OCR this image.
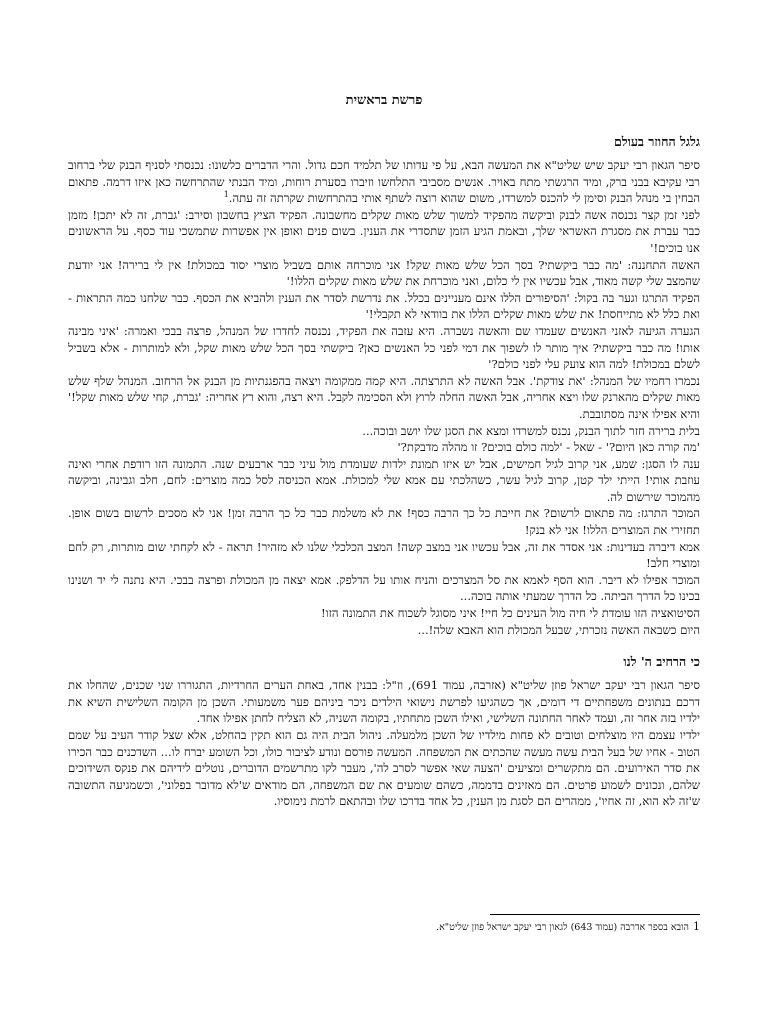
פרשת בראשית
גלגל החוזר בעולם

סיפר הגאון רבי יעקב שיש שליט"א את המעשה הבא, על פי עדותו של תלמיד חכם גדול. והרי הדברים כלשונו: נכנסתי לסניף הבנק שלי ברחוב רבי עקיבא בבני ברק, ומיד הרגשתי מתח באויר. אנשים מסביבי התלחשו וזיברו בסערת רוחות, ומיד הבנתי שהתרחשה כאן איזו דרמה. פתאום הבחין בי מנהל הבנק וסימן לי להכנס למשרדו, משום שהוא רוצה לשתף אותי בהתרחשות שקרתה זה עתה.$^1$

לפני זמן קצר נכנסה אשה לבנק וביקשה מהפקיד למשוך שלש מאות שקלים מחשבונה. הפקיד הציץ בחשבון וסירב: 'גברת, זה לא יתכן! מזמן כבר עברת את מסגרת האשראי שלך, ובאמת הגיע הזמן שתסדרי את הענין. בשום פנים ואופן אין אפשרות שתמשכי עוד כסף. על הראשונים אנו בוכים!'

האשה התחננה: 'מה כבר ביקשתי? בסך הכל שלש מאות שקל! אני מוכרחה אותם בשביל מוצרי יסוד במכולת! אין לי ברירה! אני יודעת שהמצב שלי קשה מאוד, אבל עכשיו אין לי כלום, ואני מוכרחת את שלש מאות שקלים הללו!'

הפקיד התרגז וגער בה בקול: 'הסיפורים הללו אינם מעניינים בכלל. את נדרשת לסדר את הענין ולהביא את הכסף. כבר שלחנו כמה התראות - ואת כלל לא מתייחסת! את שלש מאות שקלים הללו את בוודאי לא תקבלי!'

הגערה הגיעה לאזני האנשים שעמדו שם והאשה נשברה. היא עזבה את הפקיד, נכנסה לחדרו של המנהל, פרצה בבכי ואמרה: 'איני מבינה אותו! מה כבר ביקשתי? איך מותר לו לשפוך את דמי לפני כל האנשים כאן? ביקשתי בסך הכל שלש מאות שקל, ולא למותרות - אלא בשביל לשלם במכולת! למה הוא צועק עלי לפני כולם?'

נכמרו רחמיו של המנהל: 'את צודקת'. אבל האשה לא התרצתה. היא קמה ממקומה ויצאה בהפגנתיות מן הבנק אל הרחוב. המנהל שלף שלש מאות שקלים מהארנק שלו ויצא אחריה, אבל האשה החלה לרוץ ולא הסכימה לקבל. היא רצה, והוא רץ אחריה: 'גברת, קחי שלש מאות שקל!' והיא אפילו אינה מסתובבת.

בלית ברירה חזר לתוך הבנק, נכנס למשרדו ומצא את הסגן שלו יושב ובוכה...

'מה קורה כאן היום?' - שאל - 'למה כולם בוכים? זו מהלה מדבקת?'

ענה לו הסגן: שמע, אני קרוב לגיל חמישים, אבל יש איזו תמונת ילדות שעומדת מול עיני כבר ארבעים שנה. התמונה הזו רודפת אחרי ואינה עוזבת אותי! הייתי ילד קטן, קרוב לגיל עשר, כשהלכתי עם אמא שלי למכולת. אמא הכניסה לסל כמה מוצרים: לחם, חלב וגבינה, וביקשה מהמוכר שירשום לה.

המוכר התרגז: מה פתאום לרשום? את חייבת כל כך הרבה כסף! את לא משלמת כבר כל כך הרבה זמן! אני לא מסכים לרשום בשום אופן. תחזירי את המוצרים הללו! אני לא בנק!

אמא דיברה בעדינות: אני אסדר את זה, אבל עכשיו אני במצב קשה! המצב הכלכלי שלנו לא מזהיר! תראה - לא לקחתי שום מותרות, רק לחם ומוצרי חלב!

המוכר אפילו לא דיבר. הוא הסף לאמא את סל המצרכים והניח אותו על הדלפק. אמא יצאה מן המכולת ופרצה בבכי. היא נתנה לי יד ושנינו בכינו כל הדרך הביתה. כל הדרך שמעתי אותה בוכה...

הסיטואציה הזו עומדת לי חיה מול העינים כל חיי! איני מסוגל לשכוח את התמונה הזו!

היום כשבאה האשה נזכרתי, שבעל המכולת הוא האבא שלה!...

כי הרחיב ה' לנו

סיפר הגאון רבי יעקב ישראל פוזן שליט"א (אזרבה, עמוד 691), וז"ל: בבנין אחד, באחת הערים החרדיות, התגוררו שני שכנים, שהחלו את דרכם בנתונים משפחתיים די דומים, אך כשהגיעו לפרשת נישואי הילדים ניכר ביניהם פער משמעותי. השכן מן הקומה השלישית השיא את ילדיו בזה אחר זה, ועמד לאחר החתונה השלישי, ואילו השכן מתחתיו, בקומה השניה, לא הצליח לחתן אפילו אחד.

ילדיו עצמם היו מוצלחים וטובים לא פחות מילדיו של השכן מלמעלה. ניהול הבית היה גם הוא תקין בהחלט, אלא שצל קודר העיב על שמם הטוב - אחיו של בעל הבית עשה מעשה שהכתים את המשפחה. המעשה פורסם ונודע לציבור כולו, וכל השומע יברח לו... השדכנים כבר הכירו את סדר האירועים. הם מתקשרים ומציעים 'הצעה שאי אפשר לסרב לה', מעבר לקו מתרשמים הדוברים, נוטלים לידיהם את פנקס השידוכים שלהם, ונכונים לשמוע פרטים. הם מאזינים בדממה, כשהם שומעים את שם המשפחה, הם מודאים ש'לא מדובר בפלוני', וכשמגיעה התשובה ש'זה לא הוא, זה אחיו', ממהרים הם לסגת מן הענין, כל אחד בדרכו שלו ובהתאם לרמת נימוסיו.

1הובא בספר אדרבה (עמוד 643) לגאון רבי יעקב ישראל פוזן שליט"א.
